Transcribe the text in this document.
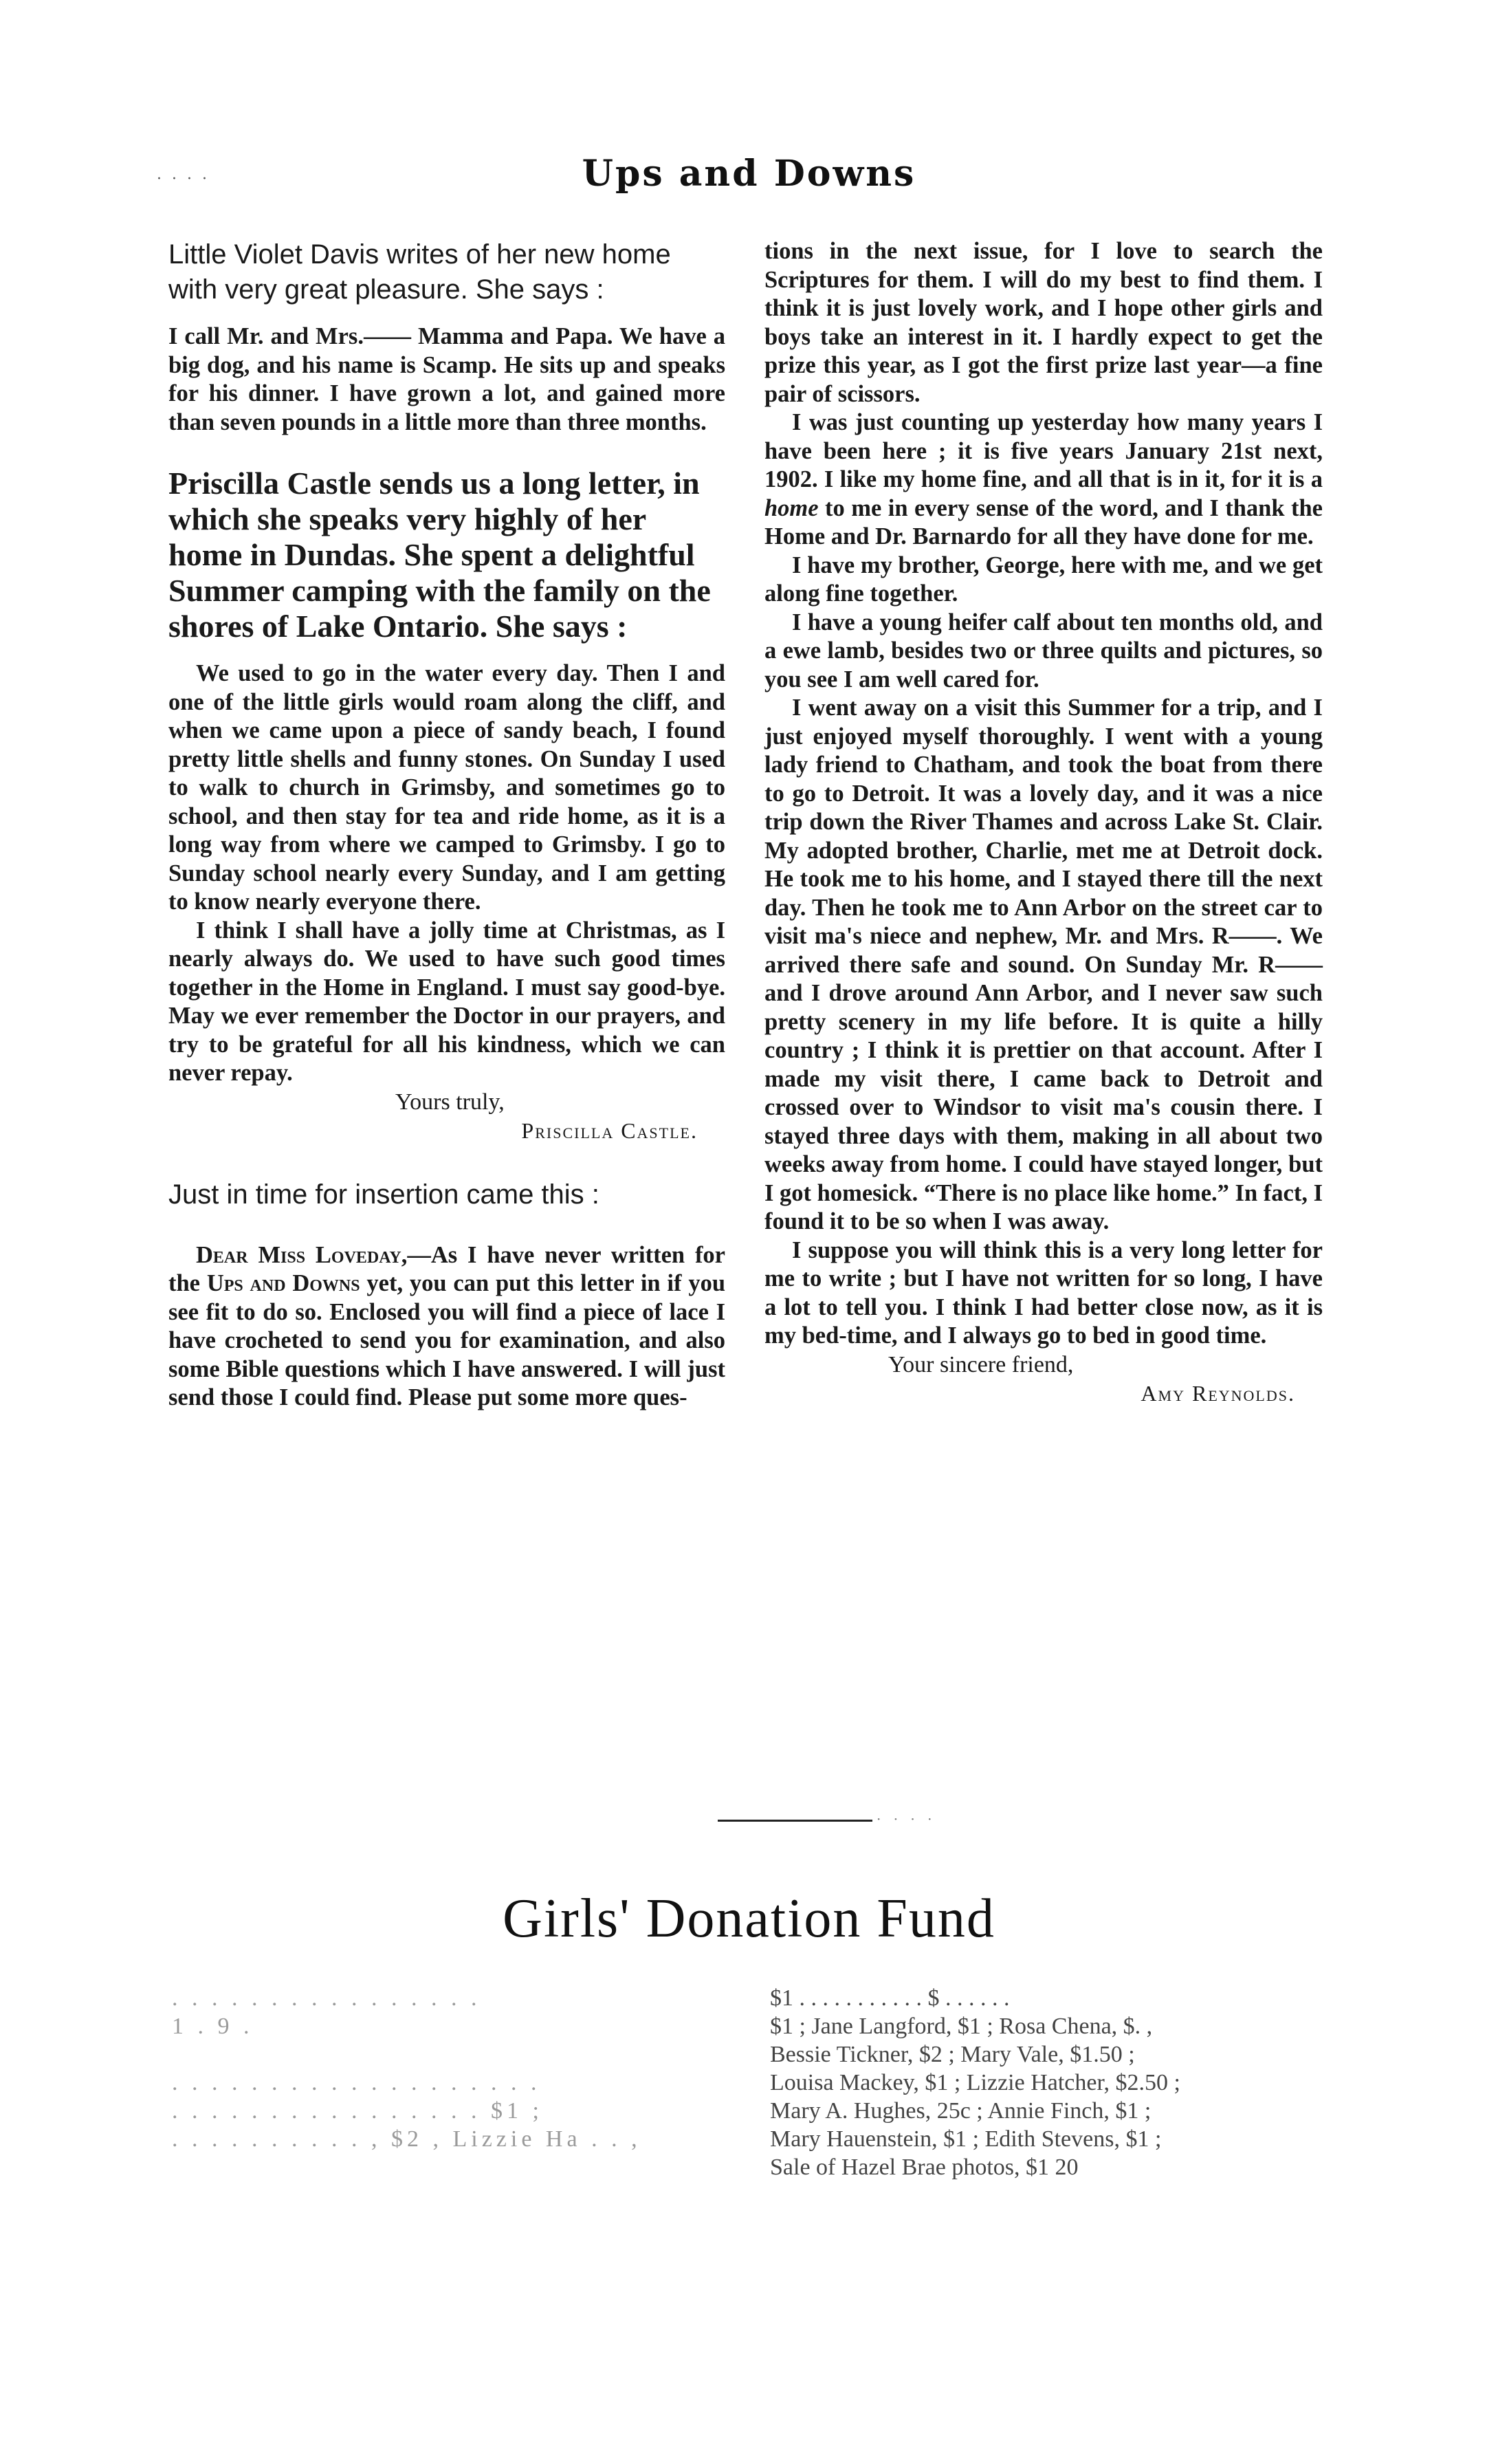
· · · ·	Ups and Downs

Little Violet Davis writes of her new home with very great pleasure. She says :

I call Mr. and Mrs.—— Mamma and Papa. We have a big dog, and his name is Scamp. He sits up and speaks for his dinner. I have grown a lot, and gained more than seven pounds in a little more than three months.

Priscilla Castle sends us a long letter, in which she speaks very highly of her home in Dundas. She spent a delightful Summer camping with the family on the shores of Lake Ontario. She says :

We used to go in the water every day. Then I and one of the little girls would roam along the cliff, and when we came upon a piece of sandy beach, I found pretty little shells and funny stones. On Sunday I used to walk to church in Grimsby, and sometimes go to school, and then stay for tea and ride home, as it is a long way from where we camped to Grimsby. I go to Sunday school nearly every Sunday, and I am getting to know nearly everyone there.

I think I shall have a jolly time at Christmas, as I nearly always do. We used to have such good times together in the Home in England. I must say good-bye. May we ever remember the Doctor in our prayers, and try to be grateful for all his kindness, which we can never repay.

Yours truly,

Priscilla Castle.

Just in time for insertion came this :

Dear Miss Loveday,—As I have never written for the Ups and Downs yet, you can put this letter in if you see fit to do so. Enclosed you will find a piece of lace I have crocheted to send you for examination, and also some Bible questions which I have answered. I will just send those I could find. Please put some more ques-

tions in the next issue, for I love to search the Scriptures for them. I will do my best to find them. I think it is just lovely work, and I hope other girls and boys take an interest in it. I hardly expect to get the prize this year, as I got the first prize last year—a fine pair of scissors.

I was just counting up yesterday how many years I have been here ; it is five years January 21st next, 1902. I like my home fine, and all that is in it, for it is a home to me in every sense of the word, and I thank the Home and Dr. Barnardo for all they have done for me.

I have my brother, George, here with me, and we get along fine together.

I have a young heifer calf about ten months old, and a ewe lamb, besides two or three quilts and pictures, so you see I am well cared for.

I went away on a visit this Summer for a trip, and I just enjoyed myself thoroughly. I went with a young lady friend to Chatham, and took the boat from there to go to Detroit. It was a lovely day, and it was a nice trip down the River Thames and across Lake St. Clair. My adopted brother, Charlie, met me at Detroit dock. He took me to his home, and I stayed there till the next day. Then he took me to Ann Arbor on the street car to visit ma's niece and nephew, Mr. and Mrs. R——. We arrived there safe and sound. On Sunday Mr. R—— and I drove around Ann Arbor, and I never saw such pretty scenery in my life before. It is quite a hilly country ; I think it is prettier on that account. After I made my visit there, I came back to Detroit and crossed over to Windsor to visit ma's cousin there. I stayed three days with them, making in all about two weeks away from home. I could have stayed longer, but I got homesick. “There is no place like home.” In fact, I found it to be so when I was away.

I suppose you will think this is a very long letter for me to write ; but I have not written for so long, I have a lot to tell you. I think I had better close now, as it is my bed-time, and I always go to bed in good time.

Your sincere friend,

Amy Reynolds.

· · · ·
Girls' Donation Fund

. . . . . . . . . . . . . . . .

1 . 9 .

. . . . . . . . . . . . . . . . . . .

. . . . . . . . . . . . . . . . $1 ;

. . . . . . . . . . , $2 , Lizzie Ha . . ,

$1 . . . . . . . . . . . $ . . . . . .

$1 ; Jane Langford, $1 ; Rosa Chena, $. ,

Bessie Tickner, $2 ; Mary Vale, $1.50 ;

Louisa Mackey, $1 ; Lizzie Hatcher, $2.50 ;

Mary A. Hughes, 25c ; Annie Finch, $1 ;

Mary Hauenstein, $1 ; Edith Stevens, $1 ;

Sale of Hazel Brae photos, $1 20
